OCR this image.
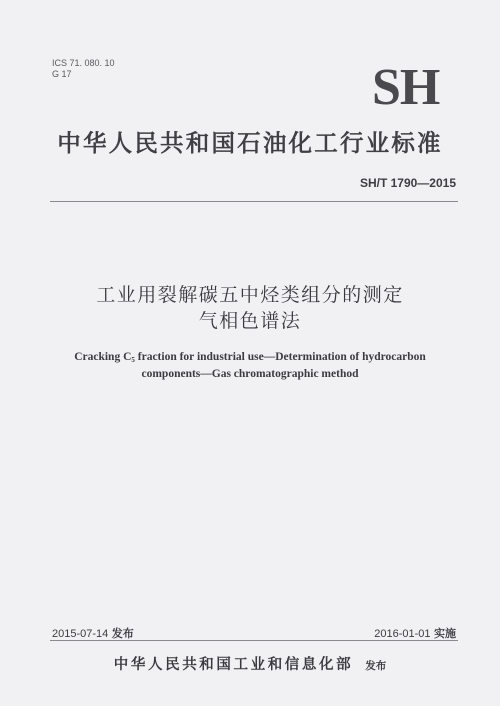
ICS 71. 080. 10
G 17	SH
中华人民共和国石油化工行业标准
SH/T 1790—2015
工业用裂解碳五中烃类组分的测定
气相色谱法
Cracking $C_5$ fraction for industrial use—Determination of hydrocarbon
components—Gas chromatographic method
2015-07-14 发布	2016-01-01 实施
中华人民共和国工业和信息化部 发布
